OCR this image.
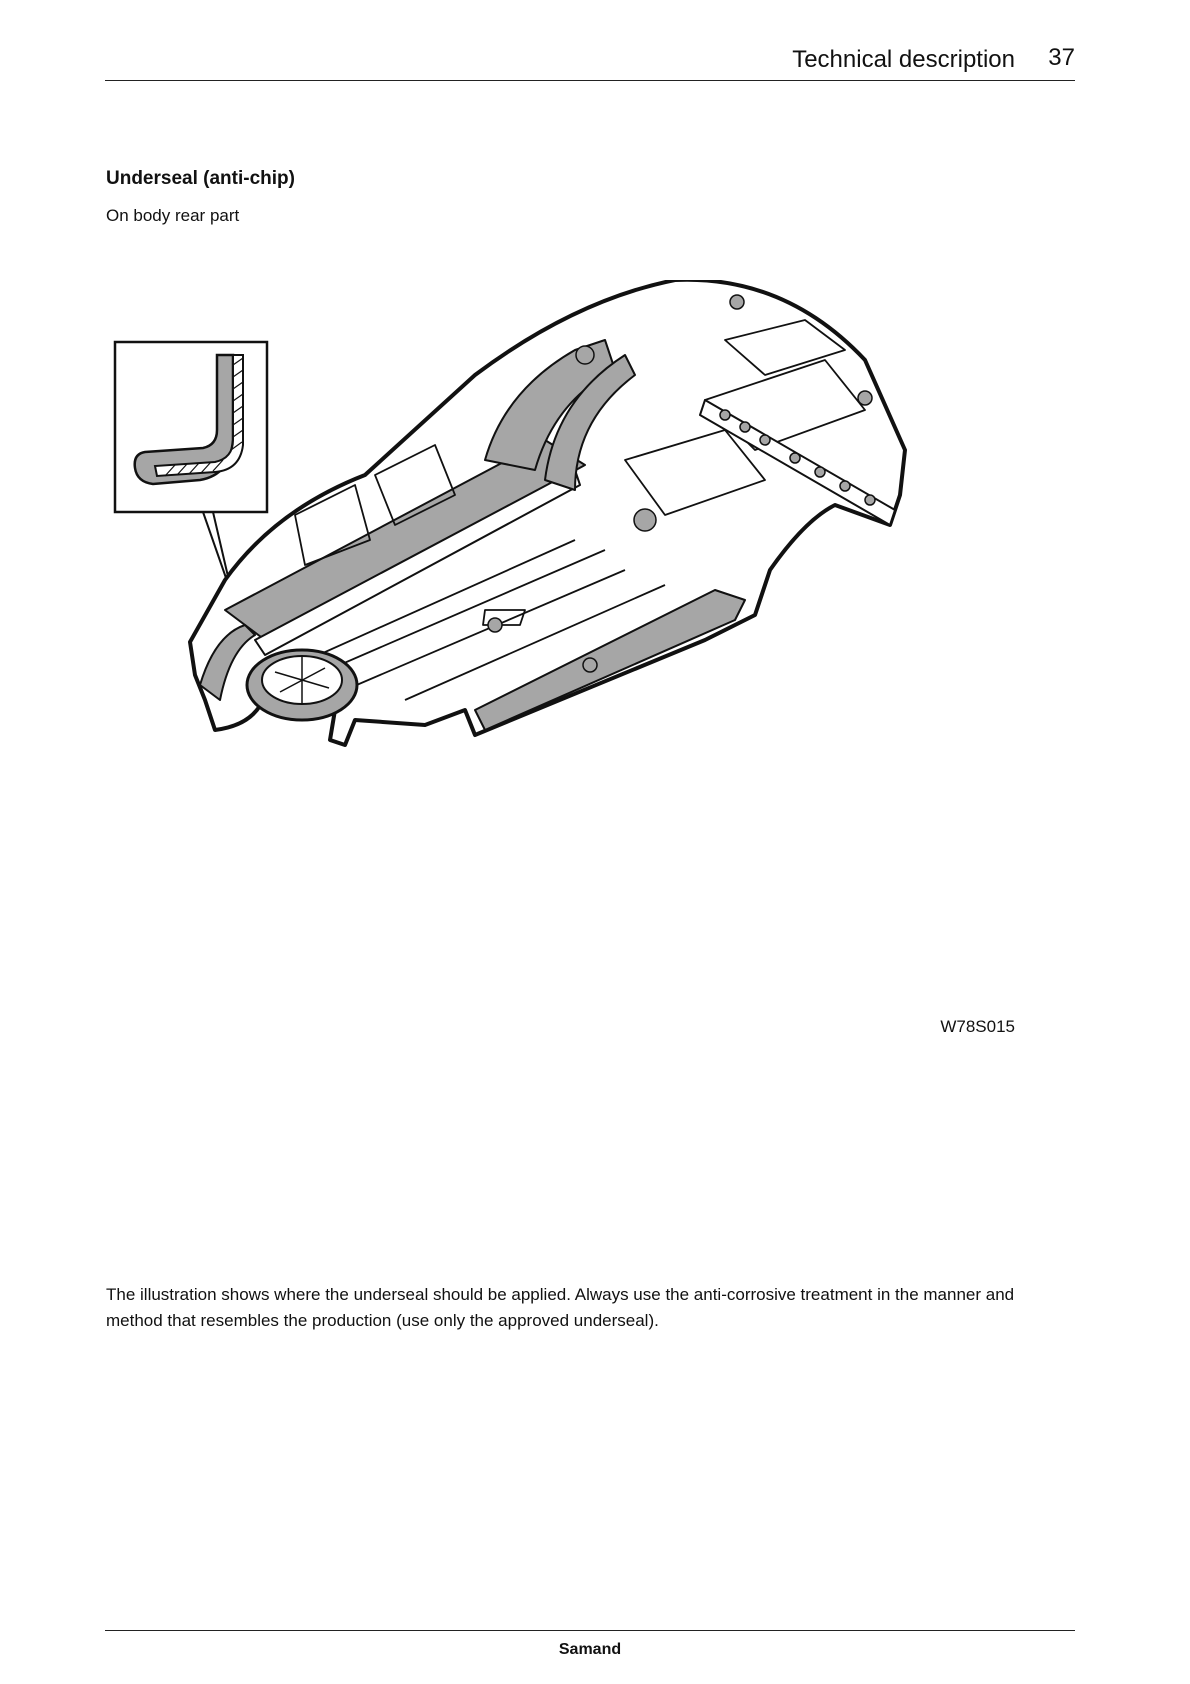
Technical description 37
Underseal (anti-chip)
On body rear part
W78S015

The illustration shows where the underseal should be applied. Always use the anti-corrosive treatment in the manner and method that resembles the production (use only the approved underseal).

Samand
